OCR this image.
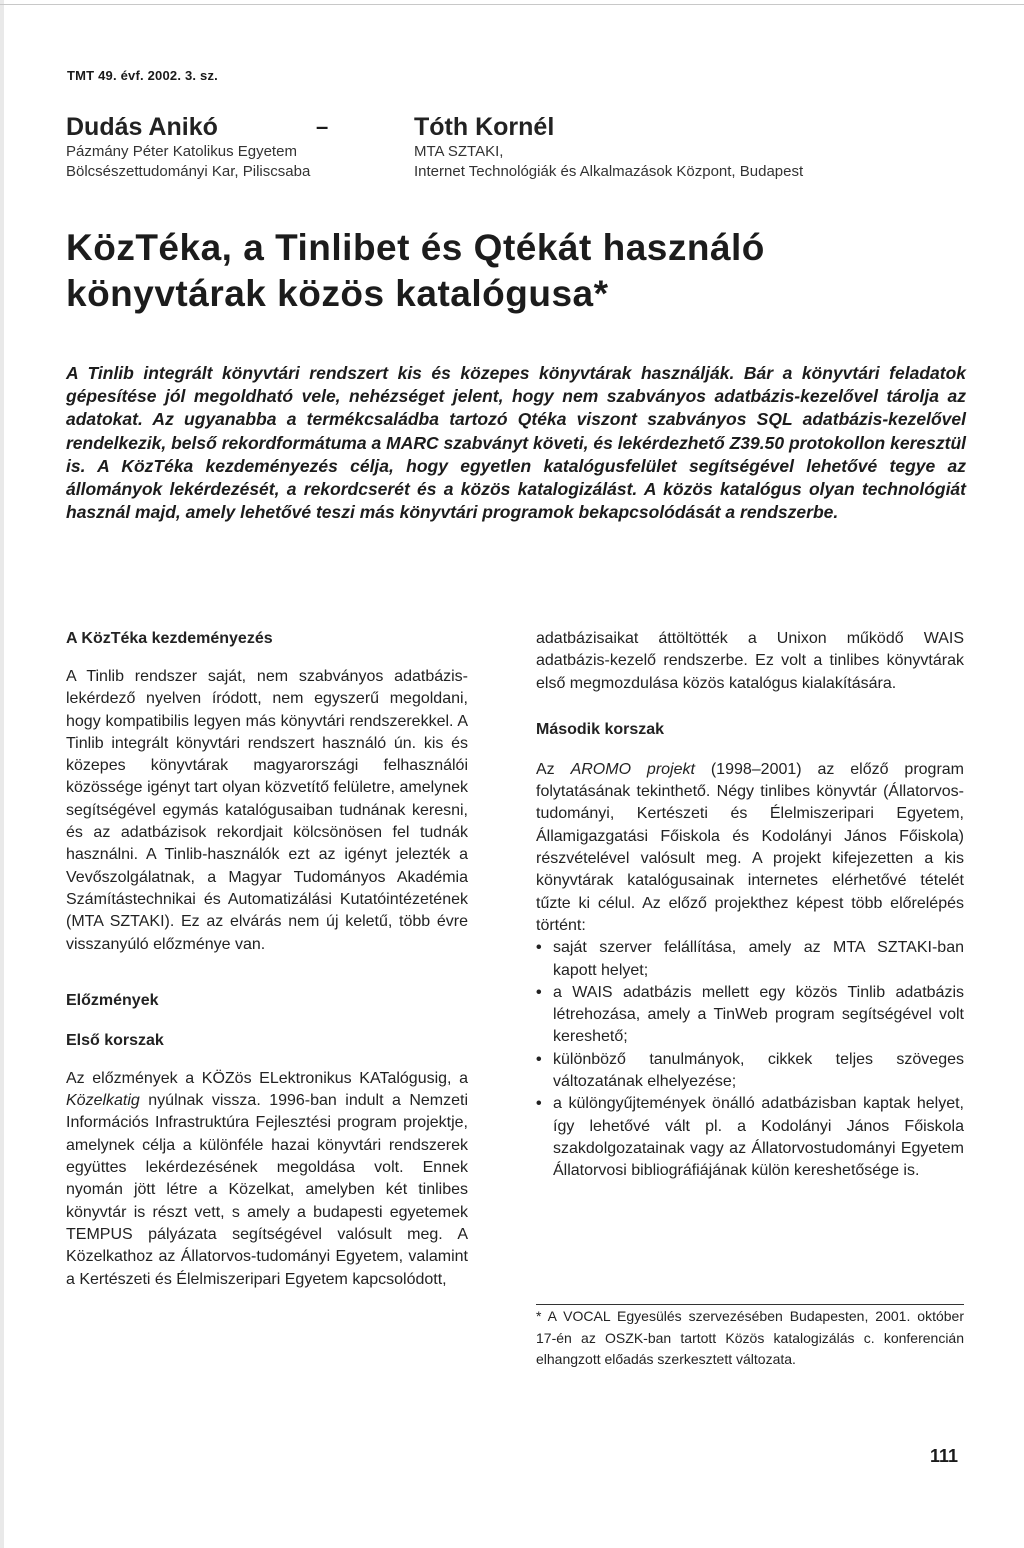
TMT 49. évf. 2002. 3. sz.
Dudás Anikó
Pázmány Péter Katolikus Egyetem
Bölcsészettudományi Kar, Piliscsaba
–	Tóth Kornél
MTA SZTAKI,
Internet Technológiák és Alkalmazások Központ, Budapest
KözTéka, a Tinlibet és Qtékát használó
könyvtárak közös katalógusa*
A Tinlib integrált könyvtári rendszert kis és közepes könyvtárak használják. Bár a könyvtári feladatok gépesítése jól megoldható vele, nehézséget jelent, hogy nem szabványos adatbázis-kezelővel tárolja az adatokat. Az ugyanabba a termékcsaládba tartozó Qtéka viszont szabványos SQL adatbázis-kezelővel rendelkezik, belső rekordformátuma a MARC szabványt követi, és lekérdezhető Z39.50 protokollon keresztül is. A KözTéka kezdeményezés célja, hogy egyetlen katalógusfelület segítségével lehetővé tegye az állományok lekérdezését, a rekordcserét és a közös katalogizálást. A közös katalógus olyan technológiát használ majd, amely lehetővé teszi más könyvtári programok bekapcsolódását a rendszerbe.
A KözTéka kezdeményezés

A Tinlib rendszer saját, nem szabványos adatbázis-lekérdező nyelven íródott, nem egyszerű megoldani, hogy kompatibilis legyen más könyvtári rendszerekkel. A Tinlib integrált könyvtári rendszert használó ún. kis és közepes könyvtárak magyarországi felhasználói közössége igényt tart olyan közvetítő felületre, amelynek segítségével egymás katalógusaiban tudnának keresni, és az adatbázisok rekordjait kölcsönösen fel tudnák használni. A Tinlib-használók ezt az igényt jelezték a Vevőszolgálatnak, a Magyar Tudományos Akadémia Számítástechnikai és Automatizálási Kutatóintézetének (MTA SZTAKI). Ez az elvárás nem új keletű, több évre visszanyúló előzménye van.

Előzmények
Első korszak

Az előzmények a KÖZös ELektronikus KATalógusig, a Közelkatig nyúlnak vissza. 1996-ban indult a Nemzeti Információs Infrastruktúra Fejlesztési program projektje, amelynek célja a különféle hazai könyvtári rendszerek együttes lekérdezésének megoldása volt. Ennek nyomán jött létre a Közelkat, amelyben két tinlibes könyvtár is részt vett, s amely a budapesti egyetemek TEMPUS pályázata segítségével valósult meg. A Közelkathoz az Állatorvos-tudományi Egyetem, valamint a Kertészeti és Élelmiszeripari Egyetem kapcsolódott,

adatbázisaikat áttöltötték a Unixon működő WAIS adatbázis-kezelő rendszerbe. Ez volt a tinlibes könyvtárak első megmozdulása közös katalógus kialakítására.

Második korszak

Az AROMO projekt (1998–2001) az előző program folytatásának tekinthető. Négy tinlibes könyvtár (Állatorvos-tudományi, Kertészeti és Élelmiszeripari Egyetem, Államigazgatási Főiskola és Kodolányi János Főiskola) részvételével valósult meg. A projekt kifejezetten a kis könyvtárak katalógusainak internetes elérhetővé tételét tűzte ki célul. Az előző projekthez képest több előrelépés történt:

• saját szerver felállítása, amely az MTA SZTAKI-ban kapott helyet;
• a WAIS adatbázis mellett egy közös Tinlib adatbázis létrehozása, amely a TinWeb program segítségével volt kereshető;
• különböző tanulmányok, cikkek teljes szöveges változatának elhelyezése;
• a különgyűjtemények önálló adatbázisban kaptak helyet, így lehetővé vált pl. a Kodolányi János Főiskola szakdolgozatainak vagy az Állatorvostudományi Egyetem Állatorvosi bibliográfiájának külön kereshetősége is.
* A VOCAL Egyesülés szervezésében Budapesten, 2001. október 17-én az OSZK-ban tartott Közös katalogizálás c. konferencián elhangzott előadás szerkesztett változata.
111
